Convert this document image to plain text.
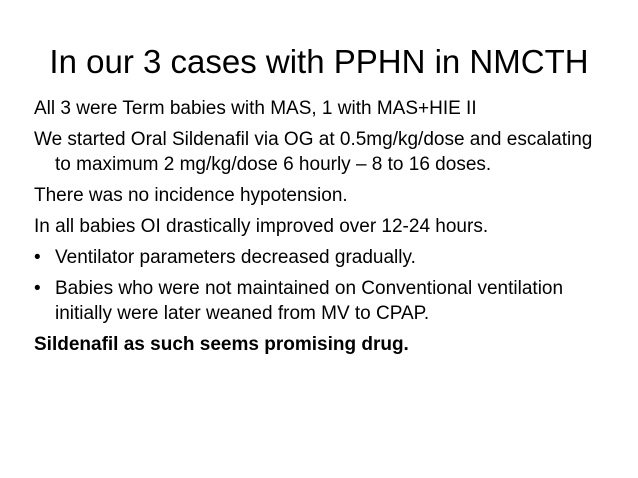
In our 3 cases with PPHN in NMCTH
All 3 were Term babies with MAS, 1 with MAS+HIE II
We started Oral Sildenafil via OG at 0.5mg/kg/dose and escalating to maximum 2 mg/kg/dose 6 hourly – 8 to 16 doses.
There was no incidence hypotension.
In all babies OI drastically improved over 12-24 hours.
• Ventilator parameters decreased gradually.
• Babies who were not maintained on Conventional ventilation initially were later weaned from MV to CPAP.
Sildenafil as such seems promising drug.
